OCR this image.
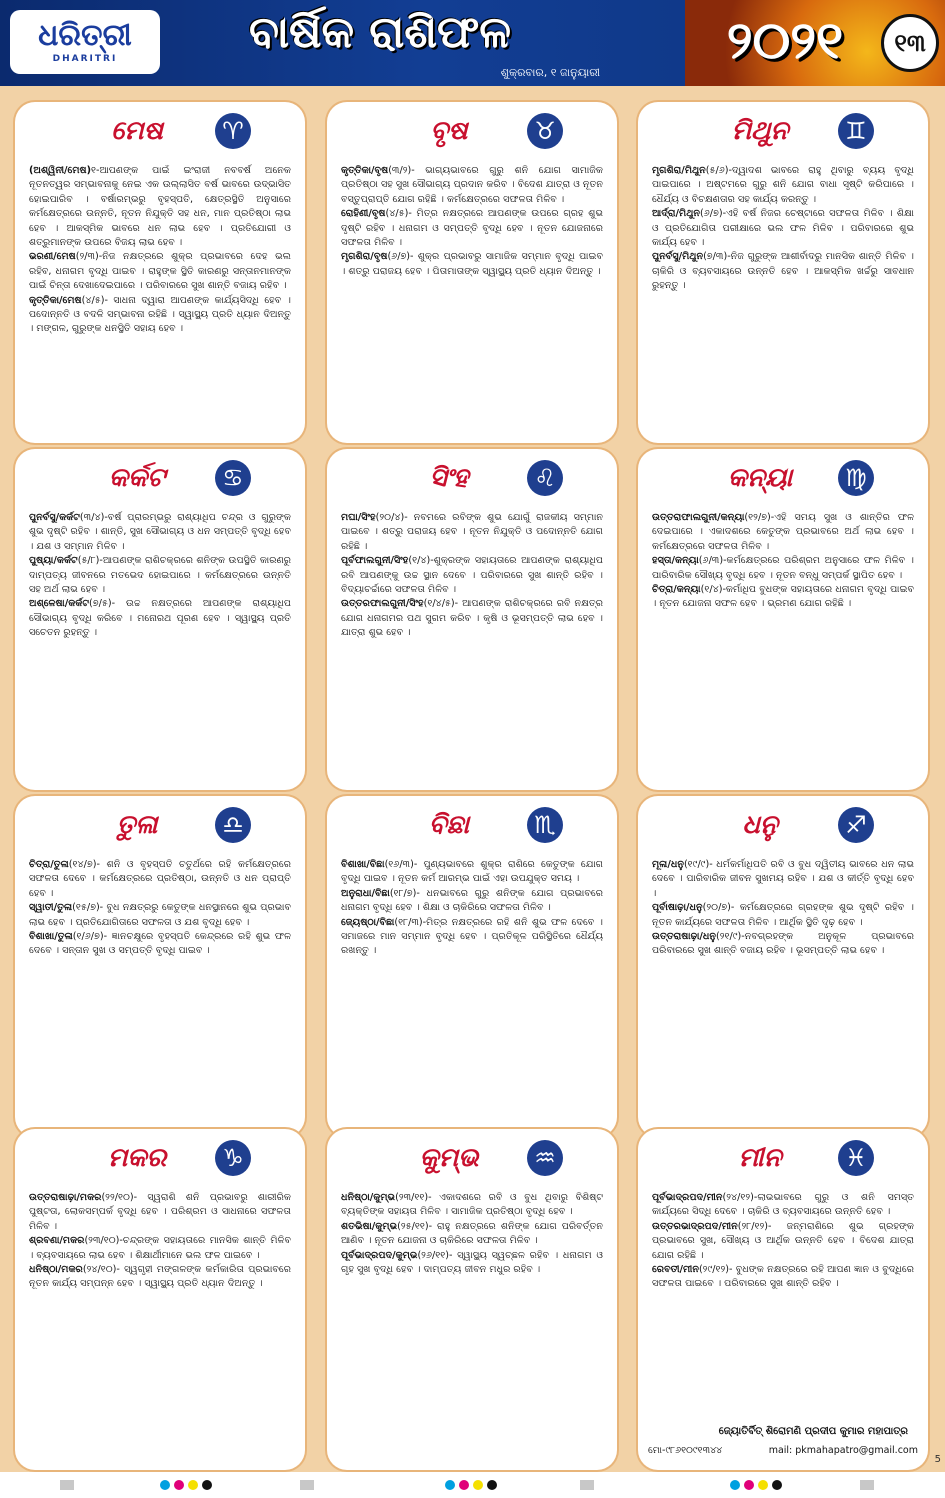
ଧରିତ୍ରୀ
DHARITRI
ବାର୍ଷିକ ରାଶିଫଳ
ଶୁକ୍ରବାର, ୧ ଜାନୁୟାରୀ
୨୦୨୧	୧୩
ମେଷ	♈

(ଅଶ୍ୱିନୀ/ମେଷ)୧-ଆପଣଙ୍କ ପାଇଁ ଇଂରାଜୀ ନବବର୍ଷ ଅନେକ ନୂତନତ୍ୱର ସମ୍ଭାବନାକୁ ନେଇ ଏକ ଉଲ୍ଲାସିତ ବର୍ଷ ଭାବରେ ଉଦ୍ଭାସିତ ହୋଇପାରିବ । ବର୍ଷାରମ୍ଭରୁ ବୃହସ୍ପତି, କ୍ଷେତ୍ରସ୍ଥିତି ଅନୁସାରେ କର୍ମକ୍ଷେତ୍ରରେ ଉନ୍ନତି, ନୂତନ ନିଯୁକ୍ତି ସହ ଧନ, ମାନ ପ୍ରତିଷ୍ଠା ଲାଭ ହେବ । ଆକସ୍ମିକ ଭାବରେ ଧନ ଲାଭ ହେବ । ପ୍ରତିଯୋଗୀ ଓ ଶତ୍ରୁମାନଙ୍କ ଉପରେ ବିଜୟ ଲାଭ ହେବ ।

ଭରଣୀ/ମେଷ(୨/୩)-ନିଜ ନକ୍ଷତ୍ରରେ ଶୁକ୍ର ପ୍ରଭାବରେ ଦେହ ଭଲ ରହିବ, ଧନାଗମ ବୃଦ୍ଧି ପାଇବ । ରାହୁଙ୍କ ସ୍ଥିତି କାରଣରୁ ସନ୍ତାନମାନଙ୍କ ପାଇଁ ଚିନ୍ତା ଦେଖାଦେଇପାରେ । ପରିବାରରେ ସୁଖ ଶାନ୍ତି ବଜାୟ ରହିବ ।

କୃତ୍ତିକା/ମେଷ(୪/୫)- ସାଧନା ଦ୍ୱାରା ଆପଣଙ୍କ କାର୍ଯ୍ୟସିଦ୍ଧି ହେବ । ପଦୋନ୍ନତି ଓ ବଦଳି ସମ୍ଭାବନା ରହିଛି । ସ୍ୱାସ୍ଥ୍ୟ ପ୍ରତି ଧ୍ୟାନ ଦିଅନ୍ତୁ । ମଙ୍ଗଳ, ଗୁରୁଙ୍କ ଧନସ୍ଥିତି ସହାୟ ହେବ ।

ବୃଷ	♉

କୃତ୍ତିକା/ବୃଷ(୩/୨)- ଭାଗ୍ୟଭାବରେ ଗୁରୁ ଶନି ଯୋଗ ସାମାଜିକ ପ୍ରତିଷ୍ଠା ସହ ସୁଖ ସୌଭାଗ୍ୟ ପ୍ରଦାନ କରିବ । ବିଦେଶ ଯାତ୍ରା ଓ ନୂତନ ବସ୍ତୁପ୍ରାପ୍ତି ଯୋଗ ରହିଛି । କର୍ମକ୍ଷେତ୍ରରେ ସଫଳତା ମିଳିବ ।

ରୋହିଣୀ/ବୃଷ(୪/୫)- ମିତ୍ର ନକ୍ଷତ୍ରରେ ଆପଣଙ୍କ ଉପରେ ଗ୍ରହ ଶୁଭ ଦୃଷ୍ଟି ରହିବ । ଧନାଗମ ଓ ସମ୍ପତ୍ତି ବୃଦ୍ଧି ହେବ । ନୂତନ ଯୋଜନାରେ ସଫଳତା ମିଳିବ ।

ମୃଗଶିରା/ବୃଷ(୬/୭)- ଶୁକ୍ର ପ୍ରଭାବରୁ ସାମାଜିକ ସମ୍ମାନ ବୃଦ୍ଧି ପାଇବ । ଶତ୍ରୁ ପରାଜୟ ହେବ । ପିତାମାତାଙ୍କ ସ୍ୱାସ୍ଥ୍ୟ ପ୍ରତି ଧ୍ୟାନ ଦିଅନ୍ତୁ ।

ମିଥୁନ	♊

ମୃଗଶିରା/ମିଥୁନ(୫/୬)-ଦ୍ୱାଦଶ ଭାବରେ ରାହୁ ଥିବାରୁ ବ୍ୟୟ ବୃଦ୍ଧି ପାଇପାରେ । ଅଷ୍ଟମରେ ଗୁରୁ ଶନି ଯୋଗ ବାଧା ସୃଷ୍ଟି କରିପାରେ । ଧୈର୍ଯ୍ୟ ଓ ବିଚକ୍ଷଣତାର ସହ କାର୍ଯ୍ୟ କରନ୍ତୁ ।

ଆର୍ଦ୍ରା/ମିଥୁନ(୬/୭)-ଏହି ବର୍ଷ ନିଜର ଚେଷ୍ଟାରେ ସଫଳତା ମିଳିବ । ଶିକ୍ଷା ଓ ପ୍ରତିଯୋଗିତା ପରୀକ୍ଷାରେ ଭଲ ଫଳ ମିଳିବ । ପରିବାରରେ ଶୁଭ କାର୍ଯ୍ୟ ହେବ ।

ପୁନର୍ବସୁ/ମିଥୁନ(୭/୩)-ନିଜ ଗୁରୁଙ୍କ ଆଶୀର୍ବାଦରୁ ମାନସିକ ଶାନ୍ତି ମିଳିବ । ଚାକିରି ଓ ବ୍ୟବସାୟରେ ଉନ୍ନତି ହେବ । ଆକସ୍ମିକ ଖର୍ଚ୍ଚରୁ ସାବଧାନ ରୁହନ୍ତୁ ।

କର୍କଟ	♋

ପୁନର୍ବସୁ/କର୍କଟ(୩/୪)-ବର୍ଷ ପ୍ରାରମ୍ଭରୁ ରାଶ୍ୟାଧିପ ଚନ୍ଦ୍ର ଓ ଗୁରୁଙ୍କ ଶୁଭ ଦୃଷ୍ଟି ରହିବ । ଶାନ୍ତି, ସୁଖ ସୌଭାଗ୍ୟ ଓ ଧନ ସମ୍ପତ୍ତି ବୃଦ୍ଧି ହେବ । ଯଶ ଓ ସମ୍ମାନ ମିଳିବ ।

ପୁଷ୍ୟା/କର୍କଟ(୫/୮)-ଆପଣଙ୍କ ରାଶିଚକ୍ରରେ ଶନିଙ୍କ ଉପସ୍ଥିତି କାରଣରୁ ଦାମ୍ପତ୍ୟ ଜୀବନରେ ମତଭେଦ ହୋଇପାରେ । କର୍ମକ୍ଷେତ୍ରରେ ଉନ୍ନତି ସହ ଅର୍ଥ ଲାଭ ହେବ ।

ଅଶ୍ଳେଷା/କର୍କଟ(୭/୫)- ଉଚ୍ଚ ନକ୍ଷତ୍ରରେ ଆପଣଙ୍କ ରାଶ୍ୟାଧିପ ସୌଭାଗ୍ୟ ବୃଦ୍ଧି କରିବେ । ମନୋରଥ ପୂରଣ ହେବ । ସ୍ୱାସ୍ଥ୍ୟ ପ୍ରତି ସଚେତନ ରୁହନ୍ତୁ ।

ସିଂହ	♌

ମଘା/ସିଂହ(୨୦/୪)- ନବମରେ ରବିଙ୍କ ଶୁଭ ଯୋଗୁଁ ରାଜକୀୟ ସମ୍ମାନ ପାଇବେ । ଶତ୍ରୁ ପରାଜୟ ହେବ । ନୂତନ ନିଯୁକ୍ତି ଓ ପଦୋନ୍ନତି ଯୋଗ ରହିଛି ।

ପୂର୍ବଫାଲଗୁନୀ/ସିଂହ(୧/୪)-ଶୁକ୍ରଙ୍କ ସହାୟତାରେ ଆପଣଙ୍କ ରାଶ୍ୟାଧିପ ରବି ଆପଣଙ୍କୁ ଉଚ୍ଚ ସ୍ଥାନ ଦେବେ । ପରିବାରରେ ସୁଖ ଶାନ୍ତି ରହିବ । ବିଦ୍ୟାଚର୍ଚ୍ଚାରେ ସଫଳତା ମିଳିବ ।

ଉତ୍ତରଫାଲଗୁନୀ/ସିଂହ(୧/୪/୫)- ଆପଣଙ୍କ ରାଶିଚକ୍ରରେ ରବି ନକ୍ଷତ୍ର ଯୋଗ ଧନାଗମର ପଥ ସୁଗମ କରିବ । କୃଷି ଓ ଭୂସମ୍ପତ୍ତି ଲାଭ ହେବ । ଯାତ୍ରା ଶୁଭ ହେବ ।

କନ୍ୟା	♍

ଉତ୍ତରାଫାଲଗୁନୀ/କନ୍ୟା(୧୨/୭)-ଏହି ସମୟ ସୁଖ ଓ ଶାନ୍ତିର ଫଳ ଦେଇପାରେ । ଏକାଦଶରେ କେତୁଙ୍କ ପ୍ରଭାବରେ ଅର୍ଥ ଲାଭ ହେବ । କର୍ମକ୍ଷେତ୍ରରେ ସଫଳତା ମିଳିବ ।

ହସ୍ତା/କନ୍ୟା(୬/୩)-କର୍ମକ୍ଷେତ୍ରରେ ପରିଶ୍ରମ ଅନୁସାରେ ଫଳ ମିଳିବ । ପାରିବାରିକ ସୌଖ୍ୟ ବୃଦ୍ଧି ହେବ । ନୂତନ ବନ୍ଧୁ ସମ୍ପର୍କ ସ୍ଥାପିତ ହେବ ।

ଚିତ୍ରା/କନ୍ୟା(୧/୪)-କର୍ମାଧିପ ବୁଧଙ୍କ ସହାୟତାରେ ଧନାଗମ ବୃଦ୍ଧି ପାଇବ । ନୂତନ ଯୋଜନା ସଫଳ ହେବ । ଭ୍ରମଣ ଯୋଗ ରହିଛି ।

ତୁଳା	♎

ଚିତ୍ରା/ତୁଳା(୧୪/୭)- ଶନି ଓ ବୃହସ୍ପତି ଚତୁର୍ଥରେ ରହି କର୍ମକ୍ଷେତ୍ରରେ ସଫଳତା ଦେବେ । କର୍ମକ୍ଷେତ୍ରରେ ପ୍ରତିଷ୍ଠା, ଉନ୍ନତି ଓ ଧନ ପ୍ରାପ୍ତି ହେବ ।

ସ୍ୱାତୀ/ତୁଳା(୧୫/୭)- ବୁଧ ନକ୍ଷତ୍ରରୁ କେତୁଙ୍କ ଧନସ୍ଥାନରେ ଶୁଭ ପ୍ରଭାବ ଲାଭ ହେବ । ପ୍ରତିଯୋଗିତାରେ ସଫଳତା ଓ ଯଶ ବୃଦ୍ଧି ହେବ ।

ବିଶାଖା/ତୁଳା(୧/୬/୭)- ଜ୍ଞାନଚକ୍ଷୁରେ ବୃହସ୍ପତି କେନ୍ଦ୍ରରେ ରହି ଶୁଭ ଫଳ ଦେବେ । ସନ୍ତାନ ସୁଖ ଓ ସମ୍ପତ୍ତି ବୃଦ୍ଧି ପାଇବ ।

ବିଛା	♏

ବିଶାଖା/ବିଛା(୧୬/୩)- ପୁଣ୍ୟଭାବରେ ଶୁକ୍ର ରାଶିରେ କେତୁଙ୍କ ଯୋଗ ବୃଦ୍ଧି ପାଇବ । ନୂତନ କର୍ମ ଆରମ୍ଭ ପାଇଁ ଏହା ଉପଯୁକ୍ତ ସମୟ ।

ଅନୁରାଧା/ବିଛା(୧୮/୭)- ଧନଭାବରେ ଗୁରୁ ଶନିଙ୍କ ଯୋଗ ପ୍ରଭାବରେ ଧନାଗମ ବୃଦ୍ଧି ହେବ । ଶିକ୍ଷା ଓ ଚାକିରିରେ ସଫଳତା ମିଳିବ ।

ଜ୍ୟେଷ୍ଠା/ବିଛା(୧୮/୩)-ମିତ୍ର ନକ୍ଷତ୍ରରେ ରହି ଶନି ଶୁଭ ଫଳ ଦେବେ । ସମାଜରେ ମାନ ସମ୍ମାନ ବୃଦ୍ଧି ହେବ । ପ୍ରତିକୂଳ ପରିସ୍ଥିତିରେ ଧୈର୍ଯ୍ୟ ରଖନ୍ତୁ ।

ଧନୁ	♐

ମୂଳା/ଧନୁ(୧୯/୯)- ଧର୍ମକର୍ମାଧିପତି ରବି ଓ ବୁଧ ଦ୍ୱିତୀୟ ଭାବରେ ଧନ ଲାଭ ଦେବେ । ପାରିବାରିକ ଜୀବନ ସୁଖମୟ ରହିବ । ଯଶ ଓ କୀର୍ତ୍ତି ବୃଦ୍ଧି ହେବ ।

ପୂର୍ବାଷାଢ଼ା/ଧନୁ(୨୦/୭)- କର୍ମକ୍ଷେତ୍ରରେ ଗ୍ରହଙ୍କ ଶୁଭ ଦୃଷ୍ଟି ରହିବ । ନୂତନ କାର୍ଯ୍ୟରେ ସଫଳତା ମିଳିବ । ଆର୍ଥିକ ସ୍ଥିତି ଦୃଢ଼ ହେବ ।

ଉତ୍ତରାଷାଢ଼ା/ଧନୁ(୨୧/୯)-ନବଗ୍ରହଙ୍କ ଅନୁକୂଳ ପ୍ରଭାବରେ ପରିବାରରେ ସୁଖ ଶାନ୍ତି ବଜାୟ ରହିବ । ଭୂସମ୍ପତ୍ତି ଲାଭ ହେବ ।

ମକର	♑

ଉତ୍ତରାଷାଢ଼ା/ମକର(୨୨/୧୦)- ସ୍ୱରାଶି ଶନି ପ୍ରଭାବରୁ ଶାରୀରିକ ପୁଷ୍ଟତା, ଲୋକସମ୍ପର୍କ ବୃଦ୍ଧି ହେବ । ପରିଶ୍ରମ ଓ ସାଧନାରେ ସଫଳତା ମିଳିବ ।

ଶ୍ରବଣା/ମକର(୨୩/୧୦)-ଚନ୍ଦ୍ରଙ୍କ ସହାୟତାରେ ମାନସିକ ଶାନ୍ତି ମିଳିବ । ବ୍ୟବସାୟରେ ଲାଭ ହେବ । ଶିକ୍ଷାର୍ଥୀମାନେ ଭଲ ଫଳ ପାଇବେ ।

ଧନିଷ୍ଠା/ମକର(୨୪/୧୦)- ସ୍ୱଗୃହୀ ମଙ୍ଗଳଙ୍କ କର୍ମକାରିତା ପ୍ରଭାବରେ ନୂତନ କାର୍ଯ୍ୟ ସମ୍ପନ୍ନ ହେବ । ସ୍ୱାସ୍ଥ୍ୟ ପ୍ରତି ଧ୍ୟାନ ଦିଅନ୍ତୁ ।

କୁମ୍ଭ	♒

ଧନିଷ୍ଠା/କୁମ୍ଭ(୨୩/୧୧)- ଏକାଦଶରେ ରବି ଓ ବୁଧ ଥିବାରୁ ବିଶିଷ୍ଟ ବ୍ୟକ୍ତିଙ୍କ ସହାୟତା ମିଳିବ । ସାମାଜିକ ପ୍ରତିଷ୍ଠା ବୃଦ୍ଧି ହେବ ।

ଶତଭିଷା/କୁମ୍ଭ(୨୫/୧୧)- ରାହୁ ନକ୍ଷତ୍ରରେ ଶନିଙ୍କ ଯୋଗ ପରିବର୍ତ୍ତନ ଆଣିବ । ନୂତନ ଯୋଜନା ଓ ଚାକିରିରେ ସଫଳତା ମିଳିବ ।

ପୂର୍ବଭାଦ୍ରପଦ/କୁମ୍ଭ(୨୬/୧୧)- ସ୍ୱାସ୍ଥ୍ୟ ସ୍ୱଚ୍ଛଳ ରହିବ । ଧନାଗମ ଓ ଗୃହ ସୁଖ ବୃଦ୍ଧି ହେବ । ଦାମ୍ପତ୍ୟ ଜୀବନ ମଧୁର ରହିବ ।

ମୀନ	♓

ପୂର୍ବଭାଦ୍ରପଦ/ମୀନ(୨୪/୧୨)-ଲାଭଭାବରେ ଗୁରୁ ଓ ଶନି ସମସ୍ତ କାର୍ଯ୍ୟରେ ସିଦ୍ଧି ଦେବେ । ଚାକିରି ଓ ବ୍ୟବସାୟରେ ଉନ୍ନତି ହେବ ।

ଉତ୍ତରଭାଦ୍ରପଦ/ମୀନ(୨୮/୧୨)- ଜନ୍ମରାଶିରେ ଶୁଭ ଗ୍ରହଙ୍କ ପ୍ରଭାବରେ ସୁଖ, ସୌଖ୍ୟ ଓ ଆର୍ଥିକ ଉନ୍ନତି ହେବ । ବିଦେଶ ଯାତ୍ରା ଯୋଗ ରହିଛି ।

ରେବତୀ/ମୀନ(୨୯/୧୨)- ବୁଧଙ୍କ ନକ୍ଷତ୍ରରେ ରହି ଆପଣ ଜ୍ଞାନ ଓ ବୁଦ୍ଧିରେ ସଫଳତା ପାଇବେ । ପରିବାରରେ ସୁଖ ଶାନ୍ତି ରହିବ ।

ଜ୍ୟୋତିର୍ବିତ୍ ଶିରୋମଣି ପ୍ରଦୀପ କୁମାର ମହାପାତ୍ର
ମୋ-୯୮୬୧୦୯୧୩୪୪	mail: pkmahapatro@gmail.com
5
